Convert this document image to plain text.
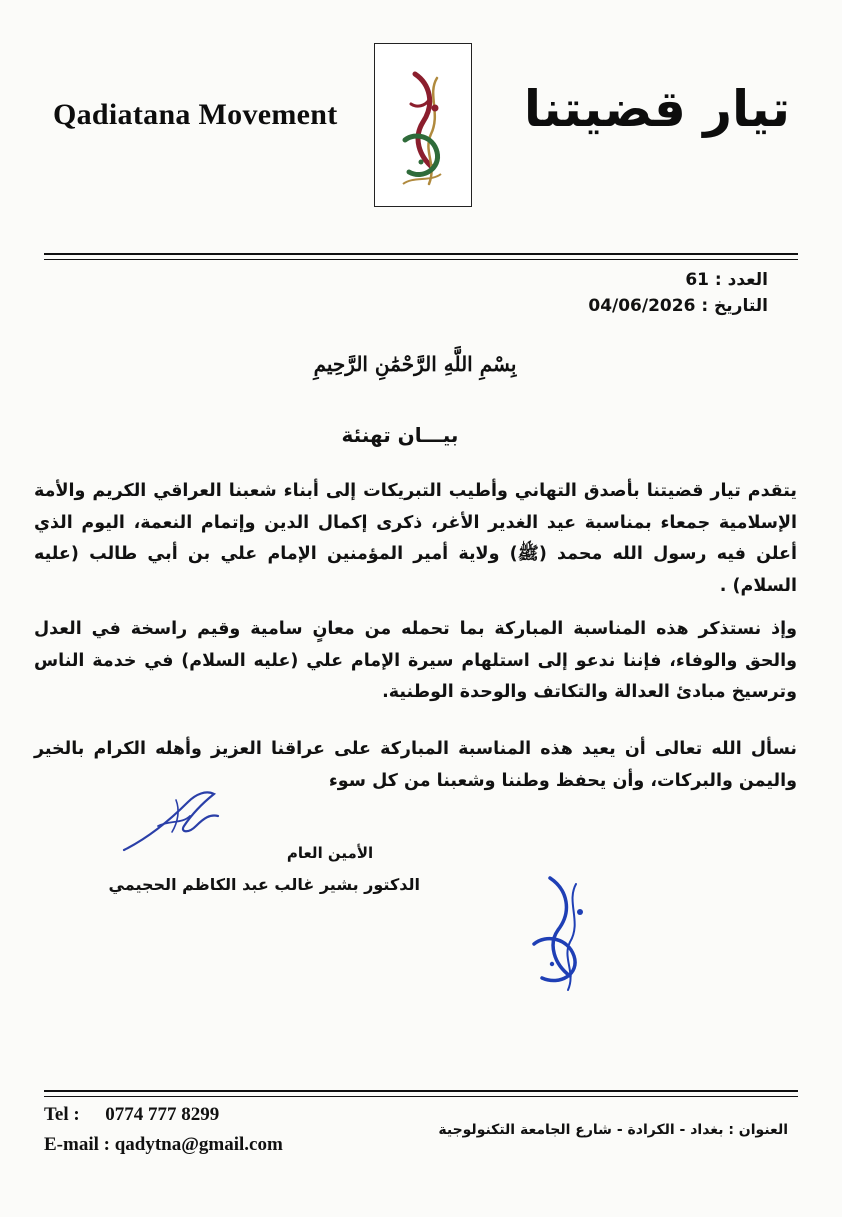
Qadiatana Movement	تيار قضيتنا
العدد : 61
التاريخ : 04/06/2026
بِسْمِ اللَّهِ الرَّحْمَٰنِ الرَّحِيمِ
بيـــان تهنئة

يتقدم تيار قضيتنا بأصدق التهاني وأطيب التبريكات إلى أبناء شعبنا العراقي الكريم والأمة الإسلامية جمعاء بمناسبة عيد الغدير الأغر، ذكرى إكمال الدين وإتمام النعمة، اليوم الذي أعلن فيه رسول الله محمد (ﷺ) ولاية أمير المؤمنين الإمام علي بن أبي طالب (عليه السلام) .

وإذ نستذكر هذه المناسبة المباركة بما تحمله من معانٍ سامية وقيم راسخة في العدل والحق والوفاء، فإننا ندعو إلى استلهام سيرة الإمام علي (عليه السلام) في خدمة الناس وترسيخ مبادئ العدالة والتكاتف والوحدة الوطنية.

نسأل الله تعالى أن يعيد هذه المناسبة المباركة على عراقنا العزيز وأهله الكرام بالخير واليمن والبركات، وأن يحفظ وطننا وشعبنا من كل سوء

الأمين العام
الدكتور بشير غالب عبد الكاظم الحجيمي
Tel : 0774 777 8299
E-mail : qadytna@gmail.com
العنوان : بغداد - الكرادة - شارع الجامعة التكنولوجية
